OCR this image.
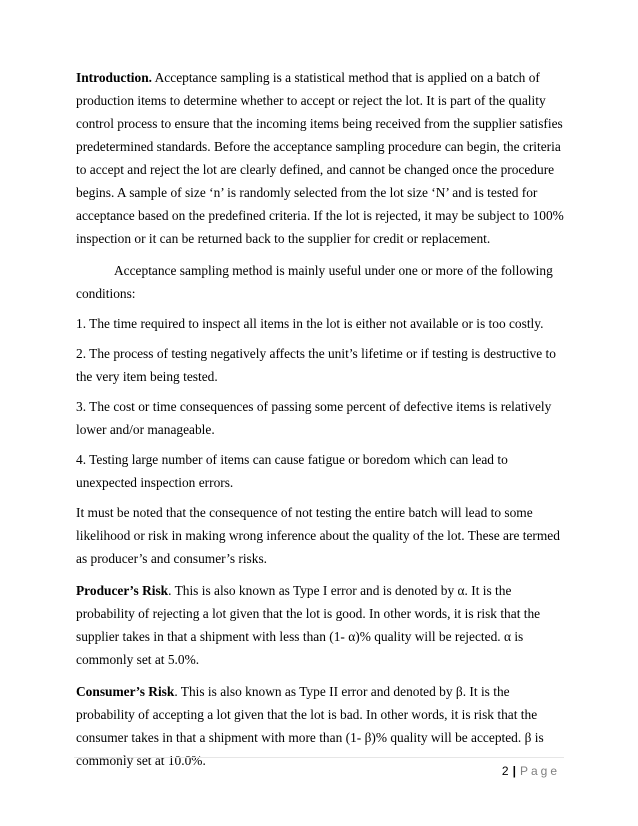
Introduction. Acceptance sampling is a statistical method that is applied on a batch of production items to determine whether to accept or reject the lot. It is part of the quality control process to ensure that the incoming items being received from the supplier satisfies predetermined standards. Before the acceptance sampling procedure can begin, the criteria to accept and reject the lot are clearly defined, and cannot be changed once the procedure begins. A sample of size ‘n’ is randomly selected from the lot size ‘N’ and is tested for acceptance based on the predefined criteria. If the lot is rejected, it may be subject to 100% inspection or it can be returned back to the supplier for credit or replacement.

Acceptance sampling method is mainly useful under one or more of the following conditions:

1. The time required to inspect all items in the lot is either not available or is too costly.

2. The process of testing negatively affects the unit’s lifetime or if testing is destructive to the very item being tested.

3. The cost or time consequences of passing some percent of defective items is relatively lower and/or manageable.

4. Testing large number of items can cause fatigue or boredom which can lead to unexpected inspection errors.

It must be noted that the consequence of not testing the entire batch will lead to some likelihood or risk in making wrong inference about the quality of the lot. These are termed as producer’s and consumer’s risks.

Producer’s Risk. This is also known as Type I error and is denoted by α. It is the probability of rejecting a lot given that the lot is good. In other words, it is risk that the supplier takes in that a shipment with less than (1- α)% quality will be rejected. α is commonly set at 5.0%.

Consumer’s Risk. This is also known as Type II error and denoted by β. It is the probability of accepting a lot given that the lot is bad. In other words, it is risk that the consumer takes in that a shipment with more than (1- β)% quality will be accepted. β is commonly set at 10.0%.

2 | Page
